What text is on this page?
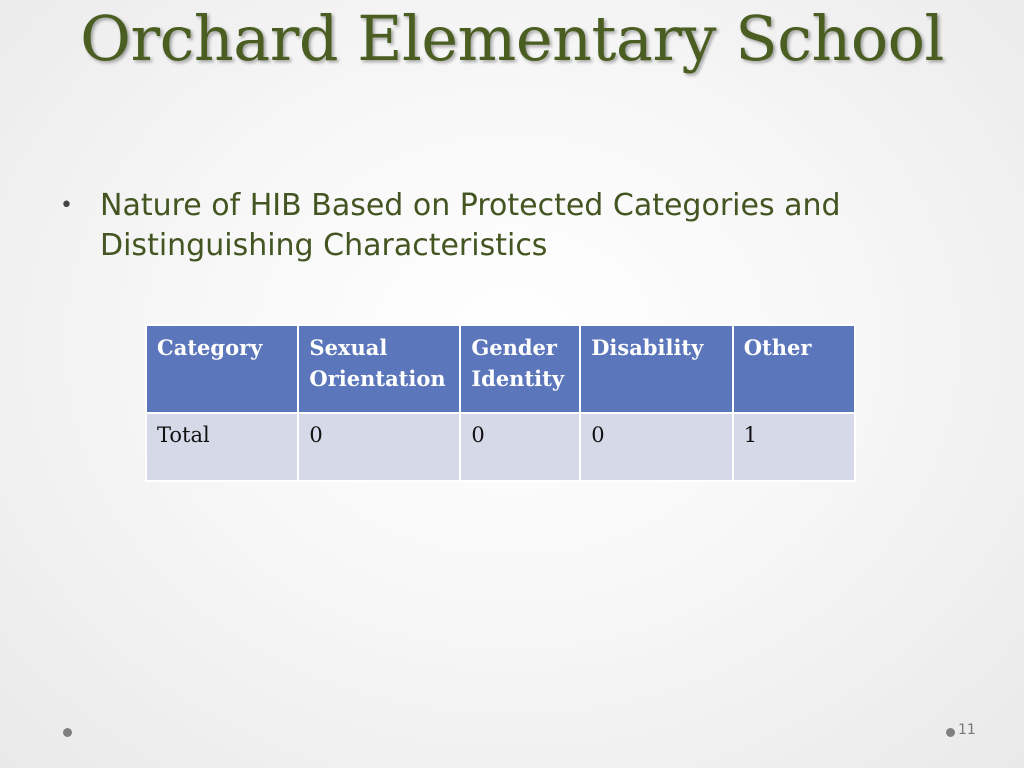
Orchard Elementary School
• Nature of HIB Based on Protected Categories and Distinguishing Characteristics
Category	Sexual Orientation	Gender Identity	Disability	Other
Total	0	0	0	1
11
